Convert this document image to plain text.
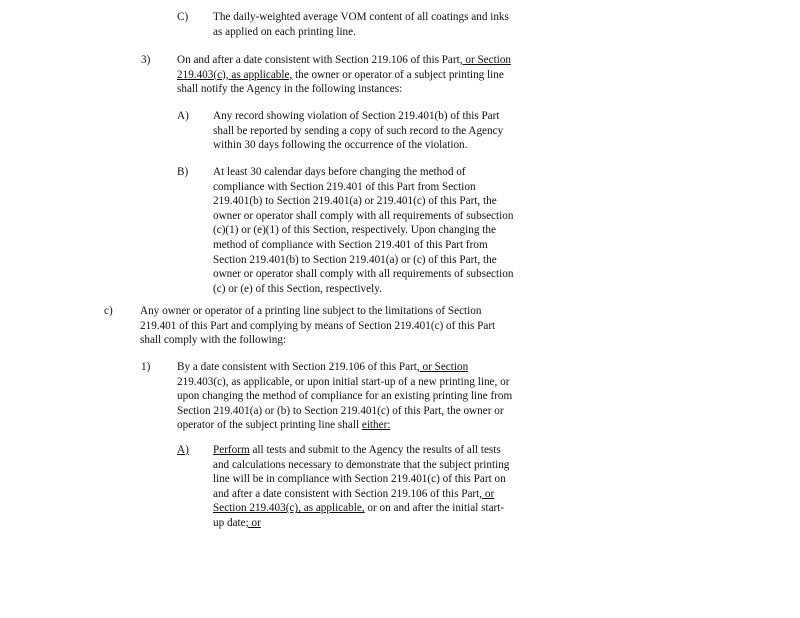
C) The daily-weighted average VOM content of all coatings and inks
as applied on each printing line.
3) On and after a date consistent with Section 219.106 of this Part, or Section
219.403(c), as applicable, the owner or operator of a subject printing line
shall notify the Agency in the following instances:
A) Any record showing violation of Section 219.401(b) of this Part
shall be reported by sending a copy of such record to the Agency
within 30 days following the occurrence of the violation.
B) At least 30 calendar days before changing the method of
compliance with Section 219.401 of this Part from Section
219.401(b) to Section 219.401(a) or 219.401(c) of this Part, the
owner or operator shall comply with all requirements of subsection
(c)(1) or (e)(1) of this Section, respectively. Upon changing the
method of compliance with Section 219.401 of this Part from
Section 219.401(b) to Section 219.401(a) or (c) of this Part, the
owner or operator shall comply with all requirements of subsection
(c) or (e) of this Section, respectively.
c) Any owner or operator of a printing line subject to the limitations of Section
219.401 of this Part and complying by means of Section 219.401(c) of this Part
shall comply with the following:
1) By a date consistent with Section 219.106 of this Part, or Section
219.403(c), as applicable, or upon initial start-up of a new printing line, or
upon changing the method of compliance for an existing printing line from
Section 219.401(a) or (b) to Section 219.401(c) of this Part, the owner or
operator of the subject printing line shall either:
A) Perform all tests and submit to the Agency the results of all tests
and calculations necessary to demonstrate that the subject printing
line will be in compliance with Section 219.401(c) of this Part on
and after a date consistent with Section 219.106 of this Part, or
Section 219.403(c), as applicable, or on and after the initial start-
up date; or
